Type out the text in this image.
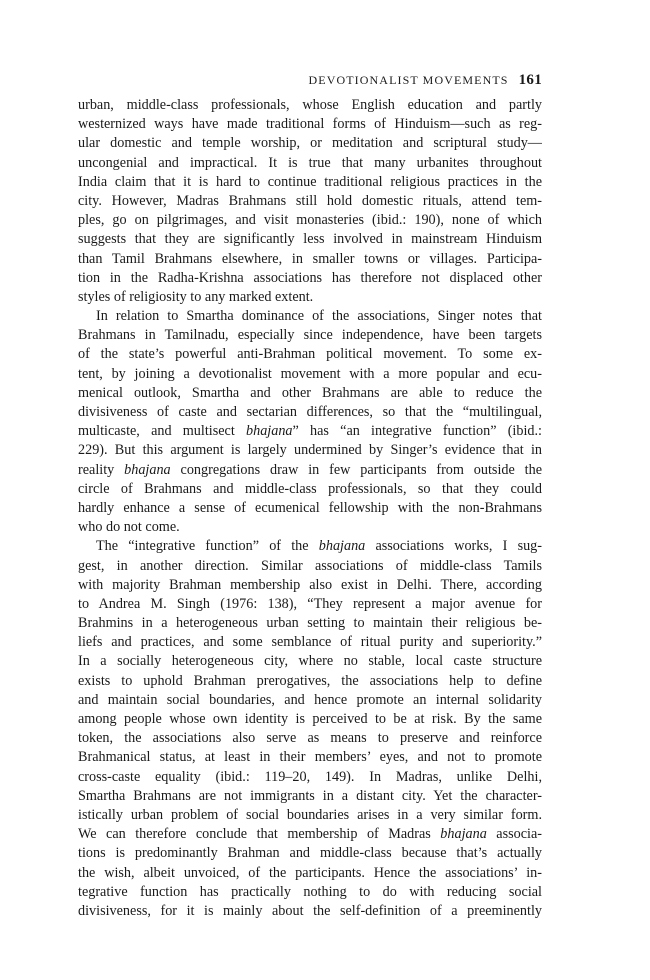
DEVOTIONALIST MOVEMENTS 161
urban, middle-class professionals, whose English education and partly
westernized ways have made traditional forms of Hinduism—such as reg-
ular domestic and temple worship, or meditation and scriptural study—
uncongenial and impractical. It is true that many urbanites throughout
India claim that it is hard to continue traditional religious practices in the
city. However, Madras Brahmans still hold domestic rituals, attend tem-
ples, go on pilgrimages, and visit monasteries (ibid.: 190), none of which
suggests that they are significantly less involved in mainstream Hinduism
than Tamil Brahmans elsewhere, in smaller towns or villages. Participa-
tion in the Radha-Krishna associations has therefore not displaced other
styles of religiosity to any marked extent.
In relation to Smartha dominance of the associations, Singer notes that
Brahmans in Tamilnadu, especially since independence, have been targets
of the state’s powerful anti-Brahman political movement. To some ex-
tent, by joining a devotionalist movement with a more popular and ecu-
menical outlook, Smartha and other Brahmans are able to reduce the
divisiveness of caste and sectarian differences, so that the “multilingual,
multicaste, and multisect bhajana” has “an integrative function” (ibid.:
229). But this argument is largely undermined by Singer’s evidence that in
reality bhajana congregations draw in few participants from outside the
circle of Brahmans and middle-class professionals, so that they could
hardly enhance a sense of ecumenical fellowship with the non-Brahmans
who do not come.
The “integrative function” of the bhajana associations works, I sug-
gest, in another direction. Similar associations of middle-class Tamils
with majority Brahman membership also exist in Delhi. There, according
to Andrea M. Singh (1976: 138), “They represent a major avenue for
Brahmins in a heterogeneous urban setting to maintain their religious be-
liefs and practices, and some semblance of ritual purity and superiority.”
In a socially heterogeneous city, where no stable, local caste structure
exists to uphold Brahman prerogatives, the associations help to define
and maintain social boundaries, and hence promote an internal solidarity
among people whose own identity is perceived to be at risk. By the same
token, the associations also serve as means to preserve and reinforce
Brahmanical status, at least in their members’ eyes, and not to promote
cross-caste equality (ibid.: 119–20, 149). In Madras, unlike Delhi,
Smartha Brahmans are not immigrants in a distant city. Yet the character-
istically urban problem of social boundaries arises in a very similar form.
We can therefore conclude that membership of Madras bhajana associa-
tions is predominantly Brahman and middle-class because that’s actually
the wish, albeit unvoiced, of the participants. Hence the associations’ in-
tegrative function has practically nothing to do with reducing social
divisiveness, for it is mainly about the self-definition of a preeminently
